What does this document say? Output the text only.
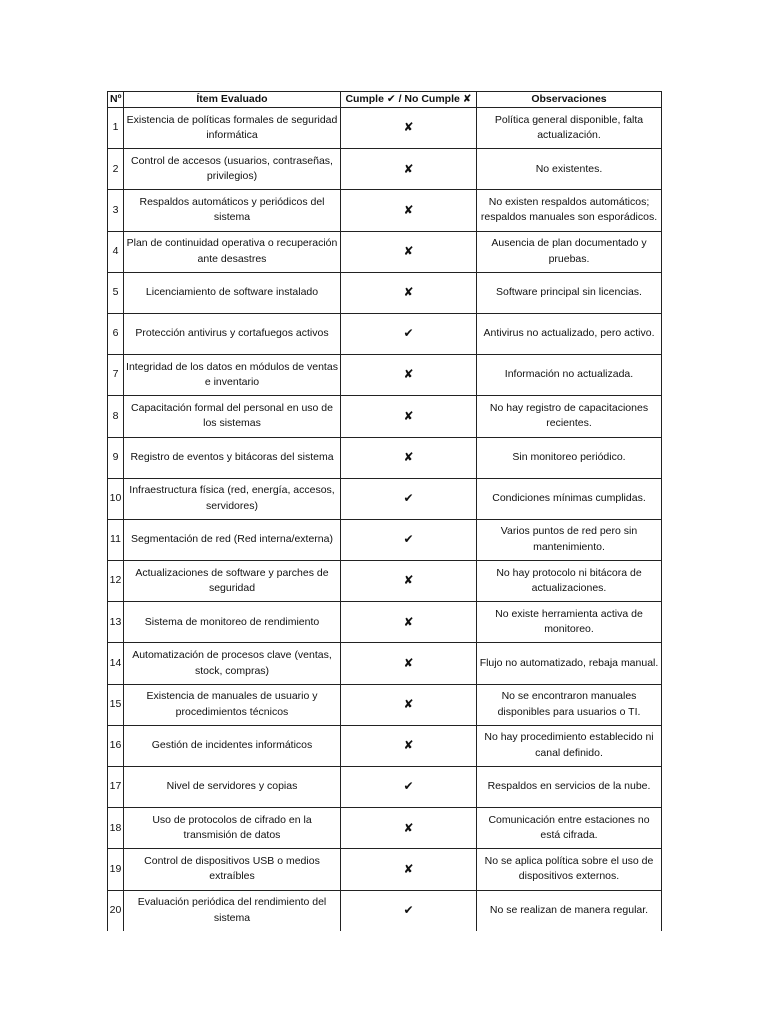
Nº	Ítem Evaluado	Cumple ✔ / No Cumple ✘	Observaciones
1	Existencia de políticas formales de seguridad informática	✘	Política general disponible, falta actualización.
2	Control de accesos (usuarios, contraseñas, privilegios)	✘	No existentes.
3	Respaldos automáticos y periódicos del sistema	✘	No existen respaldos automáticos; respaldos manuales son esporádicos.
4	Plan de continuidad operativa o recuperación ante desastres	✘	Ausencia de plan documentado y pruebas.
5	Licenciamiento de software instalado	✘	Software principal sin licencias.
6	Protección antivirus y cortafuegos activos	✔	Antivirus no actualizado, pero activo.
7	Integridad de los datos en módulos de ventas e inventario	✘	Información no actualizada.
8	Capacitación formal del personal en uso de los sistemas	✘	No hay registro de capacitaciones recientes.
9	Registro de eventos y bitácoras del sistema	✘	Sin monitoreo periódico.
10	Infraestructura física (red, energía, accesos, servidores)	✔	Condiciones mínimas cumplidas.
11	Segmentación de red (Red interna/externa)	✔	Varios puntos de red pero sin mantenimiento.
12	Actualizaciones de software y parches de seguridad	✘	No hay protocolo ni bitácora de actualizaciones.
13	Sistema de monitoreo de rendimiento	✘	No existe herramienta activa de monitoreo.
14	Automatización de procesos clave (ventas, stock, compras)	✘	Flujo no automatizado, rebaja manual.
15	Existencia de manuales de usuario y procedimientos técnicos	✘	No se encontraron manuales disponibles para usuarios o TI.
16	Gestión de incidentes informáticos	✘	No hay procedimiento establecido ni canal definido.
17	Nivel de servidores y copias	✔	Respaldos en servicios de la nube.
18	Uso de protocolos de cifrado en la transmisión de datos	✘	Comunicación entre estaciones no está cifrada.
19	Control de dispositivos USB o medios extraíbles	✘	No se aplica política sobre el uso de dispositivos externos.
20	Evaluación periódica del rendimiento del sistema	✔	No se realizan de manera regular.
